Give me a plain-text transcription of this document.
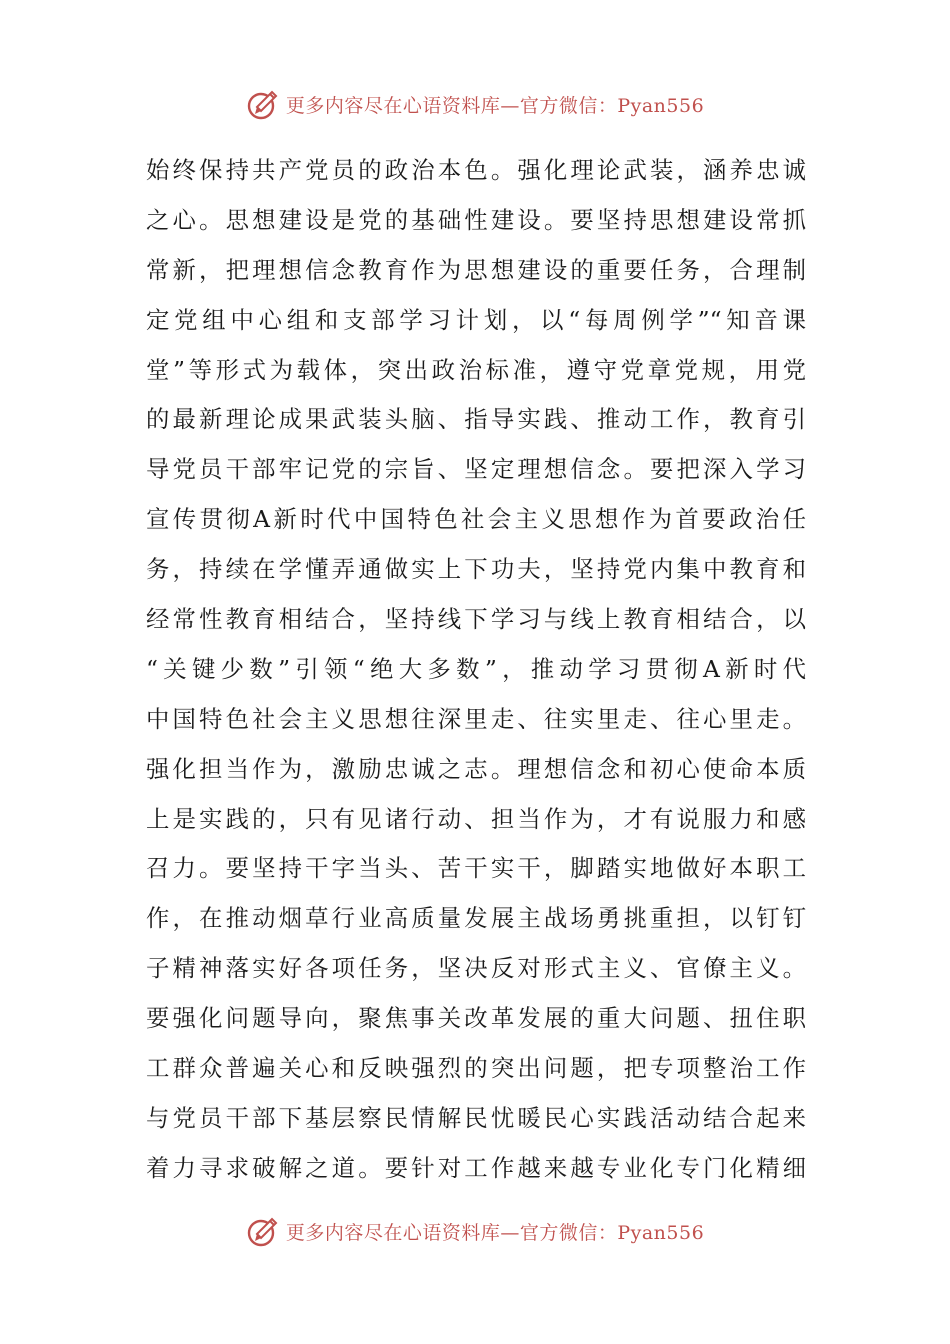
更多内容尽在心语资料库—官方微信：Pyan556
始终保持共产党员的政治本色。强化理论武装，涵养忠诚
之心。思想建设是党的基础性建设。要坚持思想建设常抓
常新，把理想信念教育作为思想建设的重要任务，合理制
定党组中心组和支部学习计划，以“每周例学”“知音课
堂”等形式为载体，突出政治标准，遵守党章党规，用党
的最新理论成果武装头脑、指导实践、推动工作，教育引
导党员干部牢记党的宗旨、坚定理想信念。要把深入学习
宣传贯彻A新时代中国特色社会主义思想作为首要政治任
务，持续在学懂弄通做实上下功夫，坚持党内集中教育和
经常性教育相结合，坚持线下学习与线上教育相结合，以
“关键少数”引领“绝大多数”，推动学习贯彻A新时代
中国特色社会主义思想往深里走、往实里走、往心里走。
强化担当作为，激励忠诚之志。理想信念和初心使命本质
上是实践的，只有见诸行动、担当作为，才有说服力和感
召力。要坚持干字当头、苦干实干，脚踏实地做好本职工
作，在推动烟草行业高质量发展主战场勇挑重担，以钉钉
子精神落实好各项任务，坚决反对形式主义、官僚主义。
要强化问题导向，聚焦事关改革发展的重大问题、扭住职
工群众普遍关心和反映强烈的突出问题，把专项整治工作
与党员干部下基层察民情解民忧暖民心实践活动结合起来
着力寻求破解之道。要针对工作越来越专业化专门化精细
更多内容尽在心语资料库—官方微信：Pyan556
